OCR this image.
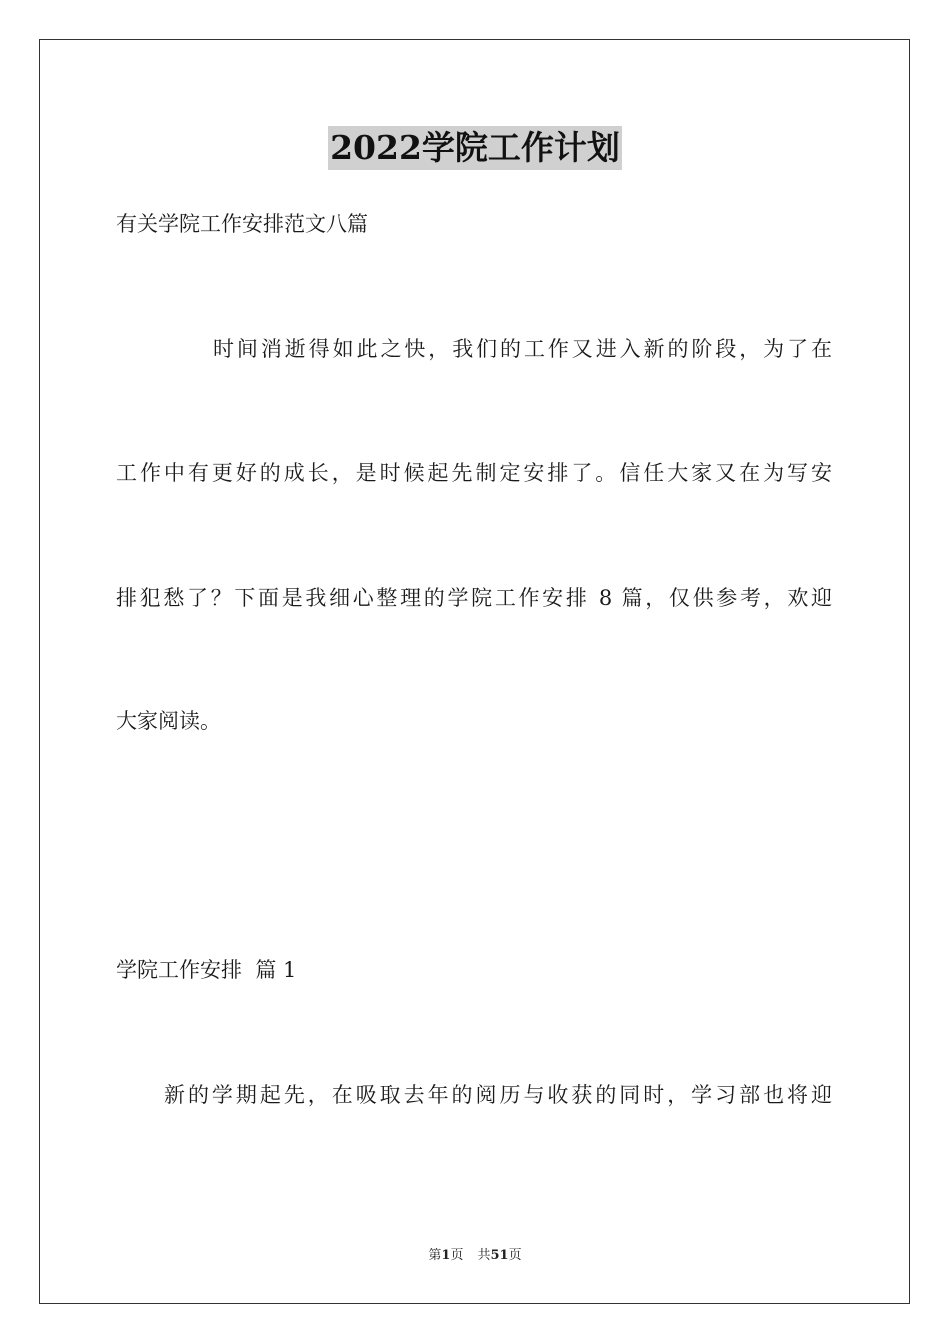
2022学院工作计划
有关学院工作安排范文八篇
时间消逝得如此之快，我们的工作又进入新的阶段，为了在
工作中有更好的成长，是时候起先制定安排了。信任大家又在为写安
排犯愁了？下面是我细心整理的学院工作安排 8 篇，仅供参考，欢迎
大家阅读。
学院工作安排  篇 1
新的学期起先，在吸取去年的阅历与收获的同时，学习部也将迎
第1页 共51页
